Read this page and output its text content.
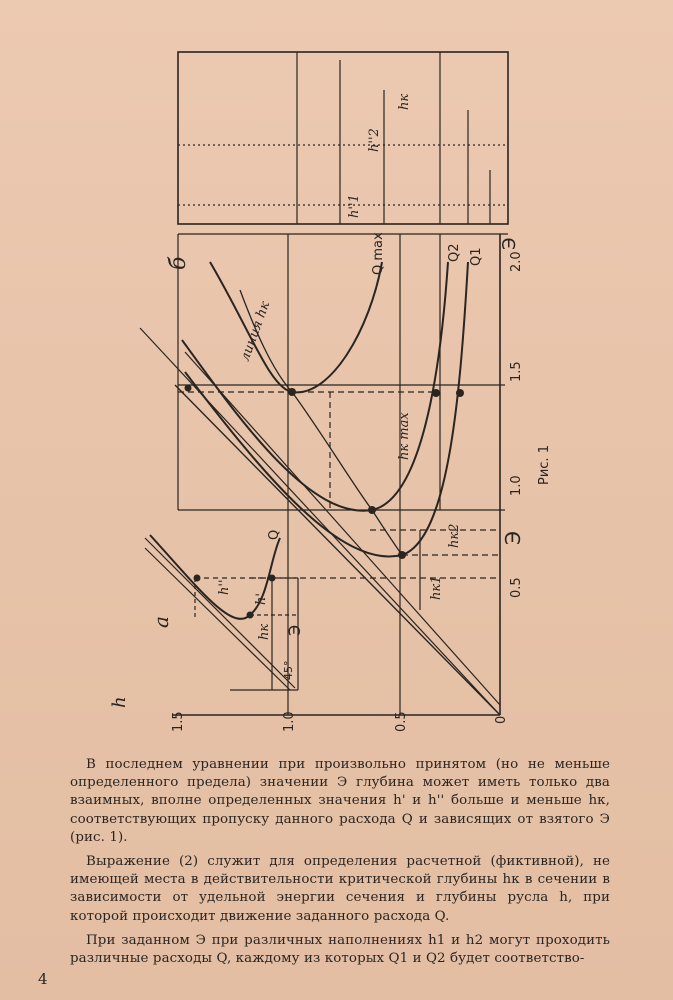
б
а
h
Э
1.5	1.0	0.5	0
0.5
1.0
1.5
2.0
Рис. 1
Q max	Q2 Q1
Q
линия hк
hк
h''2
h''1
hк max
hк2
hк1
Э
Э
h''
h'
hк
45°

В последнем уравнении при произвольно принятом (но не меньше определенного предела) значении Э глубина может иметь только два взаимных, вполне определенных значения h' и h'' больше и меньше hк, соответствующих пропуску данного расхода Q и зависящих от взятого Э (рис. 1).

Выражение (2) служит для определения расчетной (фиктивной), не имеющей места в действительности критической глубины hк в сечении в зависимости от удельной энергии сечения и глубины русла h, при которой происходит движение заданного расхода Q.

При заданном Э при различных наполнениях h1 и h2 могут проходить различные расходы Q, каждому из которых Q1 и Q2 будет соответство-

4
